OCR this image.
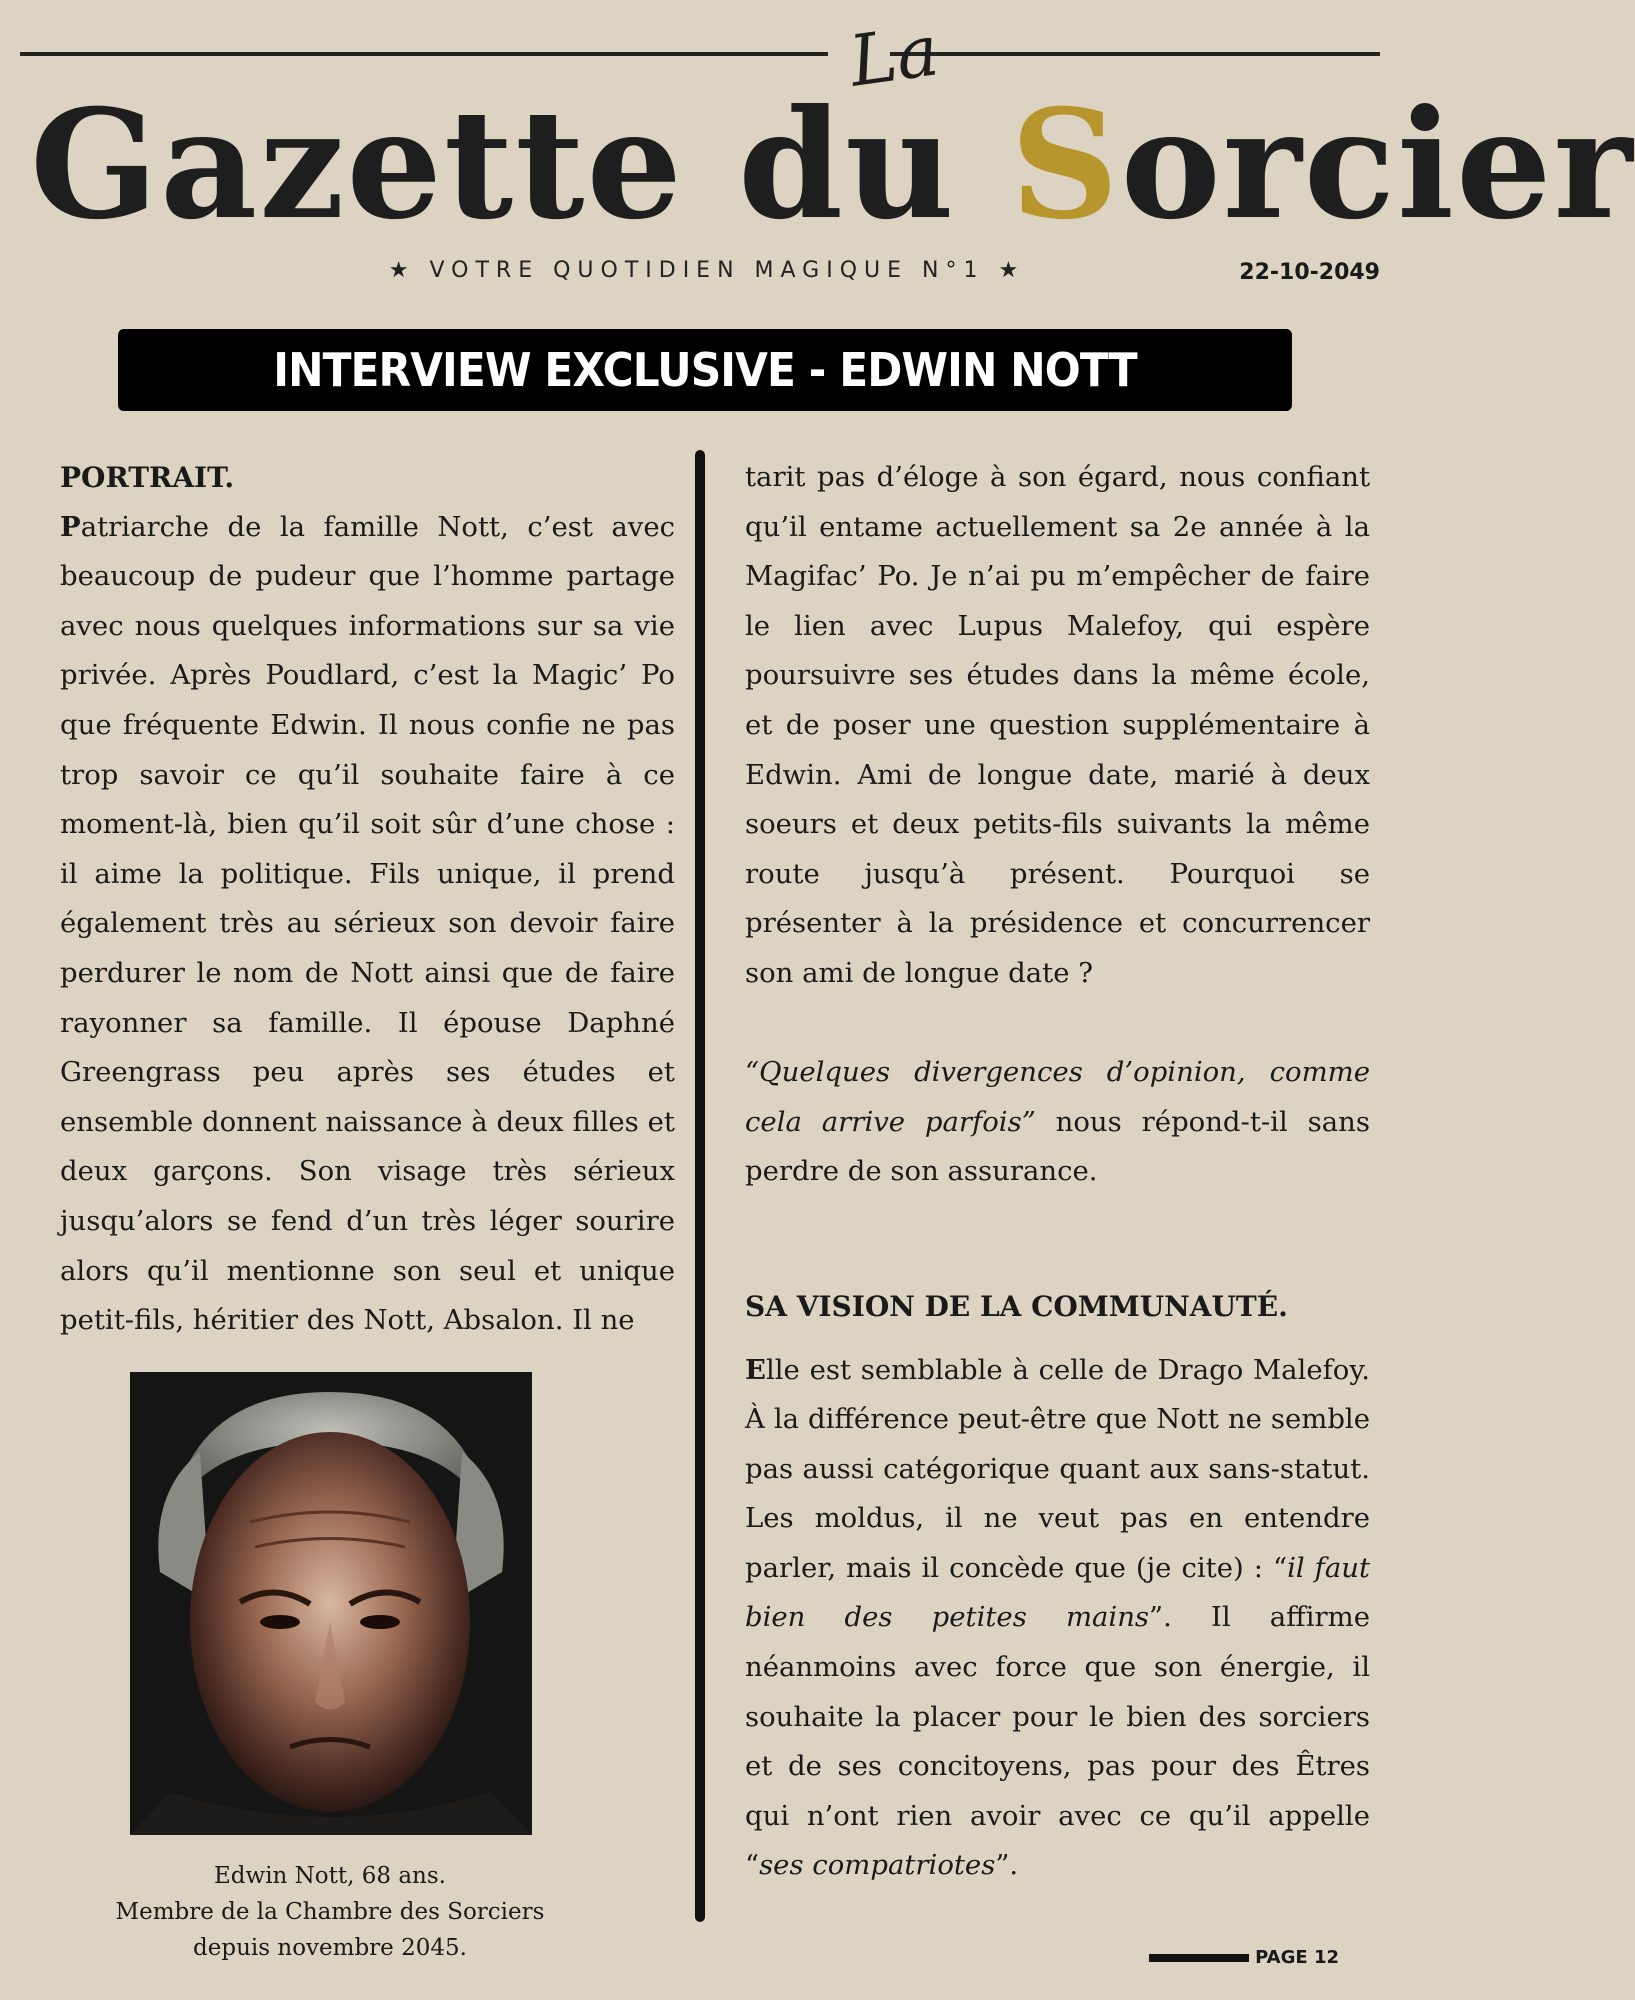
La
Gazette du Sorcier
★ VOTRE QUOTIDIEN MAGIQUE N°1 ★	22-10-2049
INTERVIEW EXCLUSIVE - EDWIN NOTT

PORTRAIT.

Patriarche de la famille Nott, c’est avec beaucoup de pudeur que l’homme partage avec nous quelques informations sur sa vie privée. Après Poudlard, c’est la Magic’ Po que fréquente Edwin. Il nous confie ne pas trop savoir ce qu’il souhaite faire à ce moment-là, bien qu’il soit sûr d’une chose : il aime la politique. Fils unique, il prend également très au sérieux son devoir faire perdurer le nom de Nott ainsi que de faire rayonner sa famille. Il épouse Daphné Greengrass peu après ses études et ensemble donnent naissance à deux filles et deux garçons. Son visage très sérieux jusqu’alors se fend d’un très léger sourire alors qu’il mentionne son seul et unique petit-fils, héritier des Nott, Absalon. Il ne

Edwin Nott, 68 ans.

Membre de la Chambre des Sorciers

depuis novembre 2045.

tarit pas d’éloge à son égard, nous confiant qu’il entame actuellement sa 2e année à la Magifac’ Po. Je n’ai pu m’empêcher de faire le lien avec Lupus Malefoy, qui espère poursuivre ses études dans la même école, et de poser une question supplémentaire à Edwin. Ami de longue date, marié à deux soeurs et deux petits-fils suivants la même route jusqu’à présent. Pourquoi se présenter à la présidence et concurrencer son ami de longue date ?

“Quelques divergences d’opinion, comme cela arrive parfois” nous répond-t-il sans perdre de son assurance.

SA VISION DE LA COMMUNAUTÉ.

Elle est semblable à celle de Drago Malefoy. À la différence peut-être que Nott ne semble pas aussi catégorique quant aux sans-statut. Les moldus, il ne veut pas en entendre parler, mais il concède que (je cite) : “il faut bien des petites mains”. Il affirme néanmoins avec force que son énergie, il souhaite la placer pour le bien des sorciers et de ses concitoyens, pas pour des Êtres qui n’ont rien avoir avec ce qu’il appelle “ses compatriotes”.

PAGE 12
